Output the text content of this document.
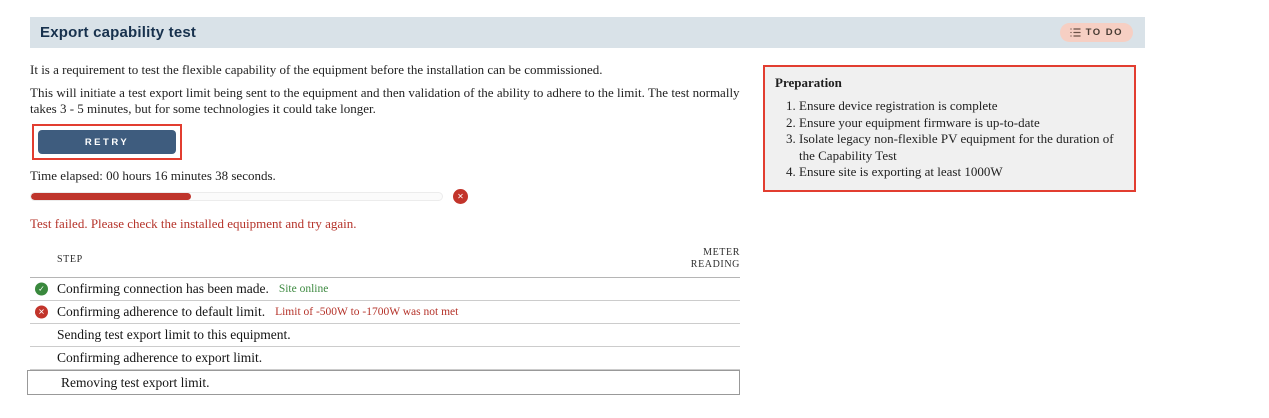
Export capability test	TO DO

It is a requirement to test the flexible capability of the equipment before the installation can be commissioned.

This will initiate a test export limit being sent to the equipment and then validation of the ability to adhere to the limit. The test normally takes 3 - 5 minutes, but for some technologies it could take longer.

RETRY
Time elapsed: 00 hours 16 minutes 38 seconds.
✕
Test failed. Please check the installed equipment and try again.
STEP
METER READING
✓ Confirming connection has been made. Site online
✕ Confirming adherence to default limit. Limit of -500W to -1700W was not met
Sending test export limit to this equipment.
Confirming adherence to export limit.
Removing test export limit.
Preparation
1. Ensure device registration is complete
2. Ensure your equipment firmware is up-to-date
3. Isolate legacy non-flexible PV equipment for the duration of the Capability Test
4. Ensure site is exporting at least 1000W
